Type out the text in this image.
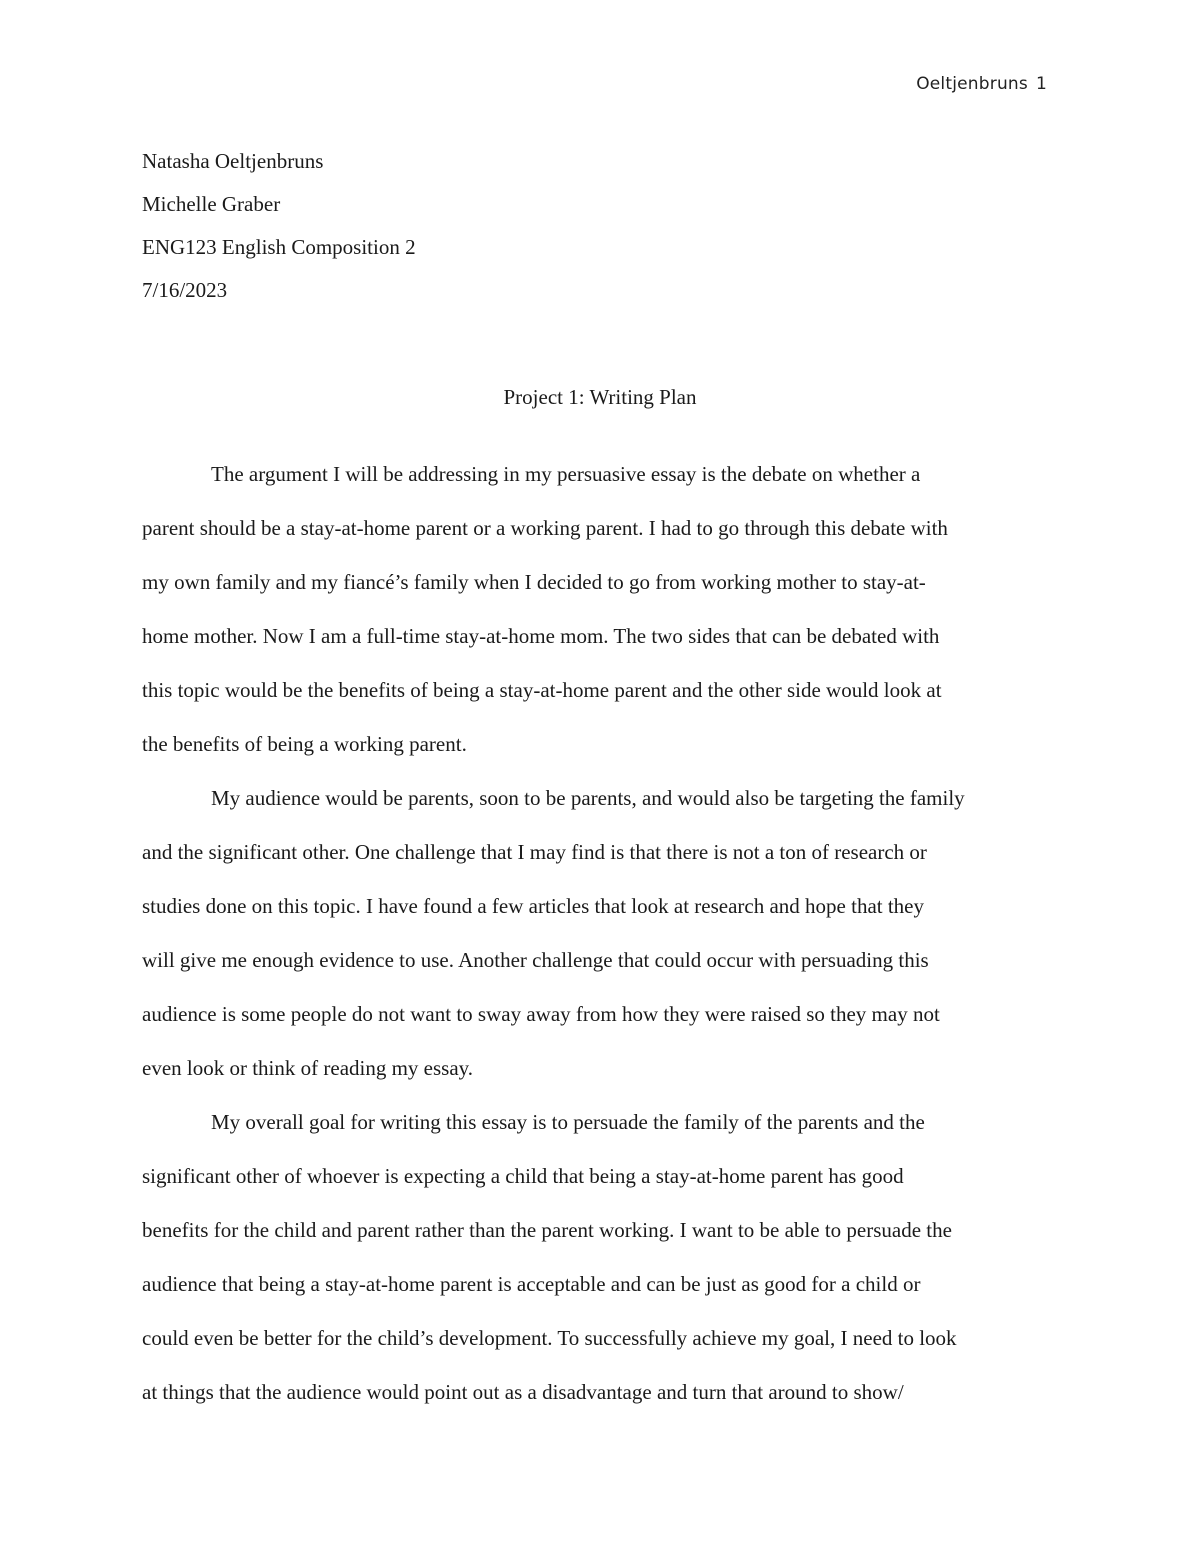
Oeltjenbruns 1
Natasha Oeltjenbruns
Michelle Graber
ENG123 English Composition 2
7/16/2023
Project 1: Writing Plan
The argument I will be addressing in my persuasive essay is the debate on whether a
parent should be a stay-at-home parent or a working parent. I had to go through this debate with
my own family and my fiancé’s family when I decided to go from working mother to stay-at-
home mother. Now I am a full-time stay-at-home mom. The two sides that can be debated with
this topic would be the benefits of being a stay-at-home parent and the other side would look at
the benefits of being a working parent.
My audience would be parents, soon to be parents, and would also be targeting the family
and the significant other. One challenge that I may find is that there is not a ton of research or
studies done on this topic. I have found a few articles that look at research and hope that they
will give me enough evidence to use. Another challenge that could occur with persuading this
audience is some people do not want to sway away from how they were raised so they may not
even look or think of reading my essay.
My overall goal for writing this essay is to persuade the family of the parents and the
significant other of whoever is expecting a child that being a stay-at-home parent has good
benefits for the child and parent rather than the parent working. I want to be able to persuade the
audience that being a stay-at-home parent is acceptable and can be just as good for a child or
could even be better for the child’s development. To successfully achieve my goal, I need to look
at things that the audience would point out as a disadvantage and turn that around to show/
